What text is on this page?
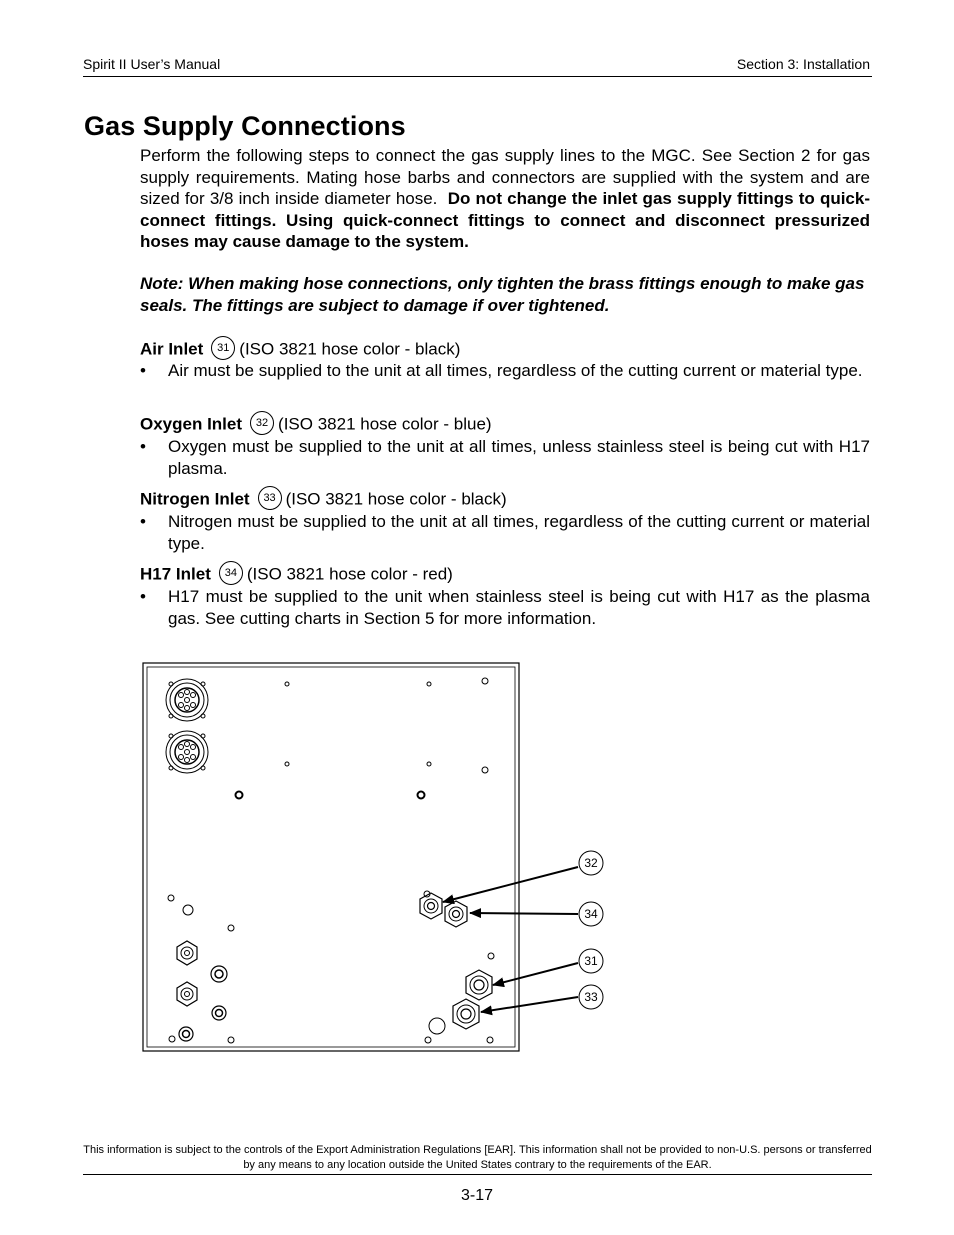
Spirit II User’s Manual	Section 3: Installation
Gas Supply Connections
Perform the following steps to connect the gas supply lines to the MGC. See Section 2 for gas supply requirements. Mating hose barbs and connectors are supplied with the system and are sized for 3/8 inch inside diameter hose. Do not change the inlet gas supply fittings to quick-connect fittings. Using quick-connect fittings to connect and disconnect pressurized hoses may cause damage to the system.
Note: When making hose connections, only tighten the brass fittings enough to make gas seals. The fittings are subject to damage if over tightened.
Air Inlet 31 (ISO 3821 hose color - black)
• Air must be supplied to the unit at all times, regardless of the cutting current or material type.
Oxygen Inlet 32 (ISO 3821 hose color - blue)
• Oxygen must be supplied to the unit at all times, unless stainless steel is being cut with H17 plasma.
Nitrogen Inlet 33 (ISO 3821 hose color - black)
• Nitrogen must be supplied to the unit at all times, regardless of the cutting current or material type.
H17 Inlet 34 (ISO 3821 hose color - red)
• H17 must be supplied to the unit when stainless steel is being cut with H17 as the plasma gas. See cutting charts in Section 5 for more information.
32
34
31
33
This information is subject to the controls of the Export Administration Regulations [EAR]. This information shall not be provided to non-U.S. persons or transferred by any means to any location outside the United States contrary to the requirements of the EAR.
3-17
